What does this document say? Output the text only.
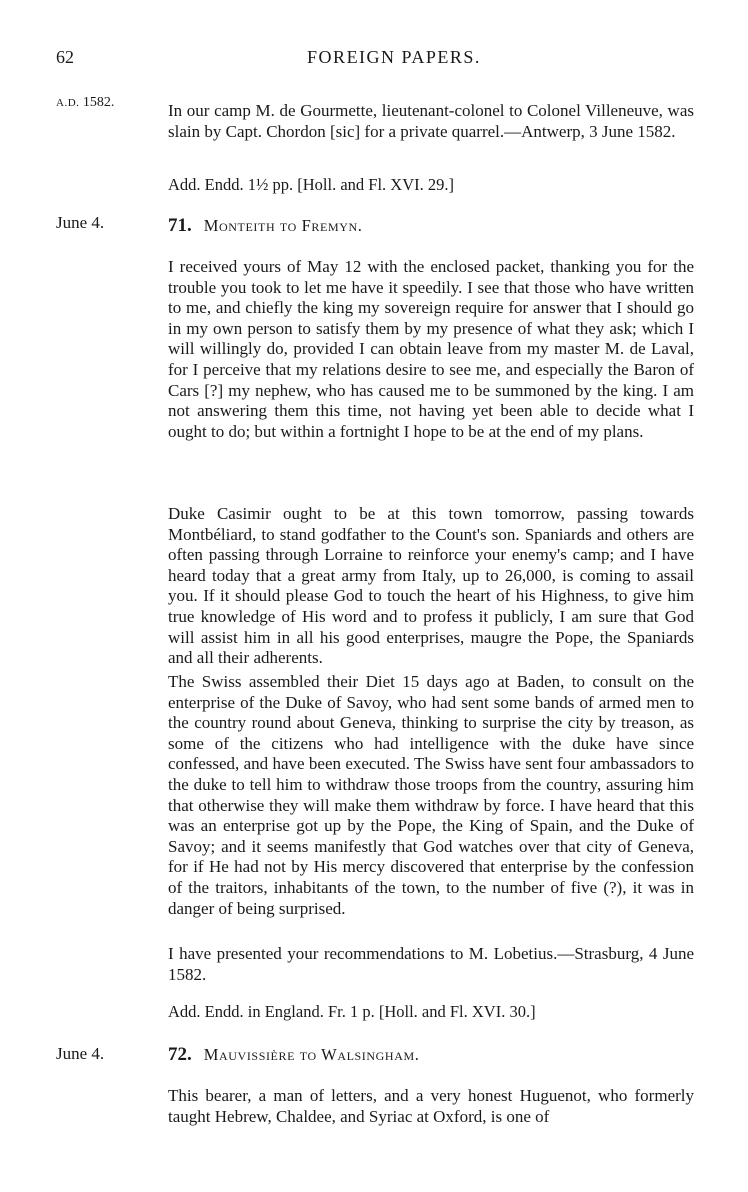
62	FOREIGN PAPERS.
A.D. 1582.
June 4.
June 4.

In our camp M. de Gourmette, lieutenant-colonel to Colonel Villeneuve, was slain by Capt. Chordon [sic] for a private quarrel.—Antwerp, 3 June 1582.

Add. Endd. 1½ pp. [Holl. and Fl. XVI. 29.]
71. Monteith to Fremyn.

I received yours of May 12 with the enclosed packet, thanking you for the trouble you took to let me have it speedily. I see that those who have written to me, and chiefly the king my sovereign require for answer that I should go in my own person to satisfy them by my presence of what they ask; which I will willingly do, provided I can obtain leave from my master M. de Laval, for I perceive that my relations desire to see me, and especially the Baron of Cars [?] my nephew, who has caused me to be summoned by the king. I am not answering them this time, not having yet been able to decide what I ought to do; but within a fortnight I hope to be at the end of my plans.

Duke Casimir ought to be at this town tomorrow, passing towards Montbéliard, to stand godfather to the Count's son. Spaniards and others are often passing through Lorraine to reinforce your enemy's camp; and I have heard today that a great army from Italy, up to 26,000, is coming to assail you. If it should please God to touch the heart of his Highness, to give him true knowledge of His word and to profess it publicly, I am sure that God will assist him in all his good enterprises, maugre the Pope, the Spaniards and all their adherents.

The Swiss assembled their Diet 15 days ago at Baden, to consult on the enterprise of the Duke of Savoy, who had sent some bands of armed men to the country round about Geneva, thinking to surprise the city by treason, as some of the citizens who had intelligence with the duke have since confessed, and have been executed. The Swiss have sent four ambassadors to the duke to tell him to withdraw those troops from the country, assuring him that otherwise they will make them withdraw by force. I have heard that this was an enterprise got up by the Pope, the King of Spain, and the Duke of Savoy; and it seems manifestly that God watches over that city of Geneva, for if He had not by His mercy discovered that enterprise by the confession of the traitors, inhabitants of the town, to the number of five (?), it was in danger of being surprised.

I have presented your recommendations to M. Lobetius.—Strasburg, 4 June 1582.

Add. Endd. in England. Fr. 1 p. [Holl. and Fl. XVI. 30.]
72. Mauvissière to Walsingham.

This bearer, a man of letters, and a very honest Huguenot, who formerly taught Hebrew, Chaldee, and Syriac at Oxford, is one of
